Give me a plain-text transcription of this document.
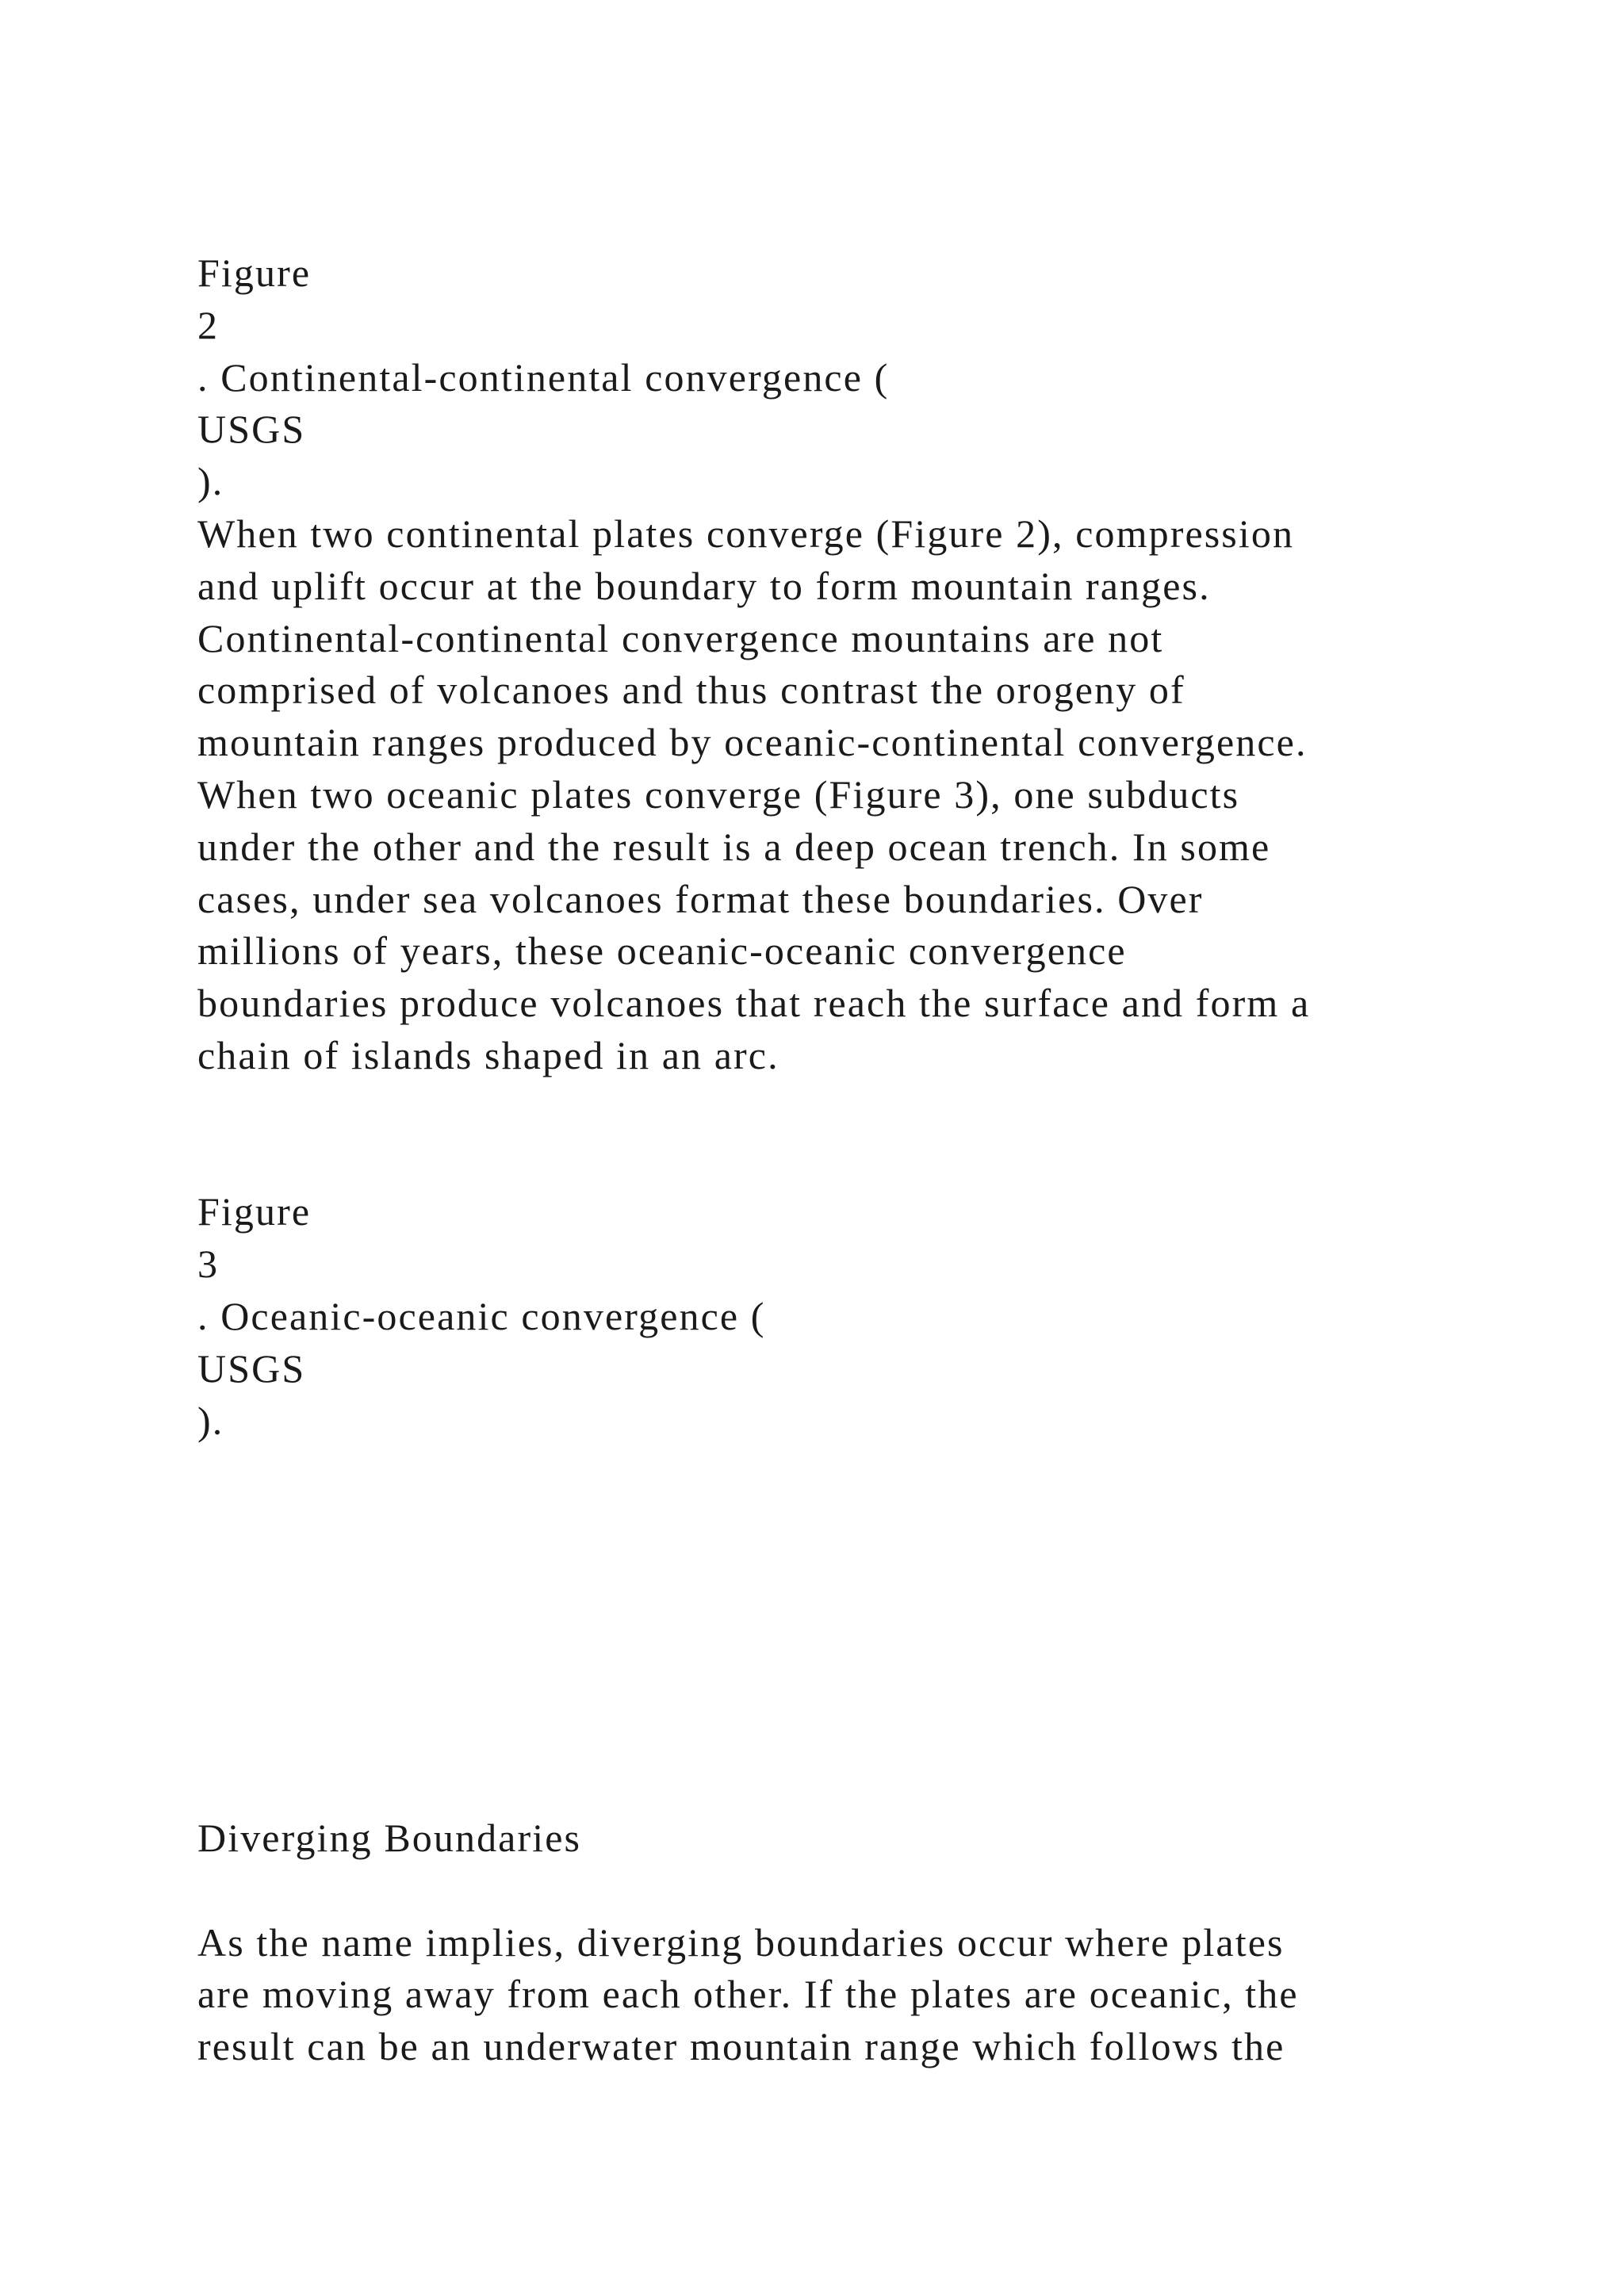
Figure
2
. Continental-continental convergence (
USGS
).
When two continental plates converge (Figure 2), compression
and uplift occur at the boundary to form mountain ranges.
Continental-continental convergence mountains are not
comprised of volcanoes and thus contrast the orogeny of
mountain ranges produced by oceanic-continental convergence.
When two oceanic plates converge (Figure 3), one subducts
under the other and the result is a deep ocean trench. In some
cases, under sea volcanoes format these boundaries. Over
millions of years, these oceanic-oceanic convergence
boundaries produce volcanoes that reach the surface and form a
chain of islands shaped in an arc.
Figure
3
. Oceanic-oceanic convergence (
USGS
).
Diverging Boundaries
As the name implies, diverging boundaries occur where plates
are moving away from each other. If the plates are oceanic, the
result can be an underwater mountain range which follows the
